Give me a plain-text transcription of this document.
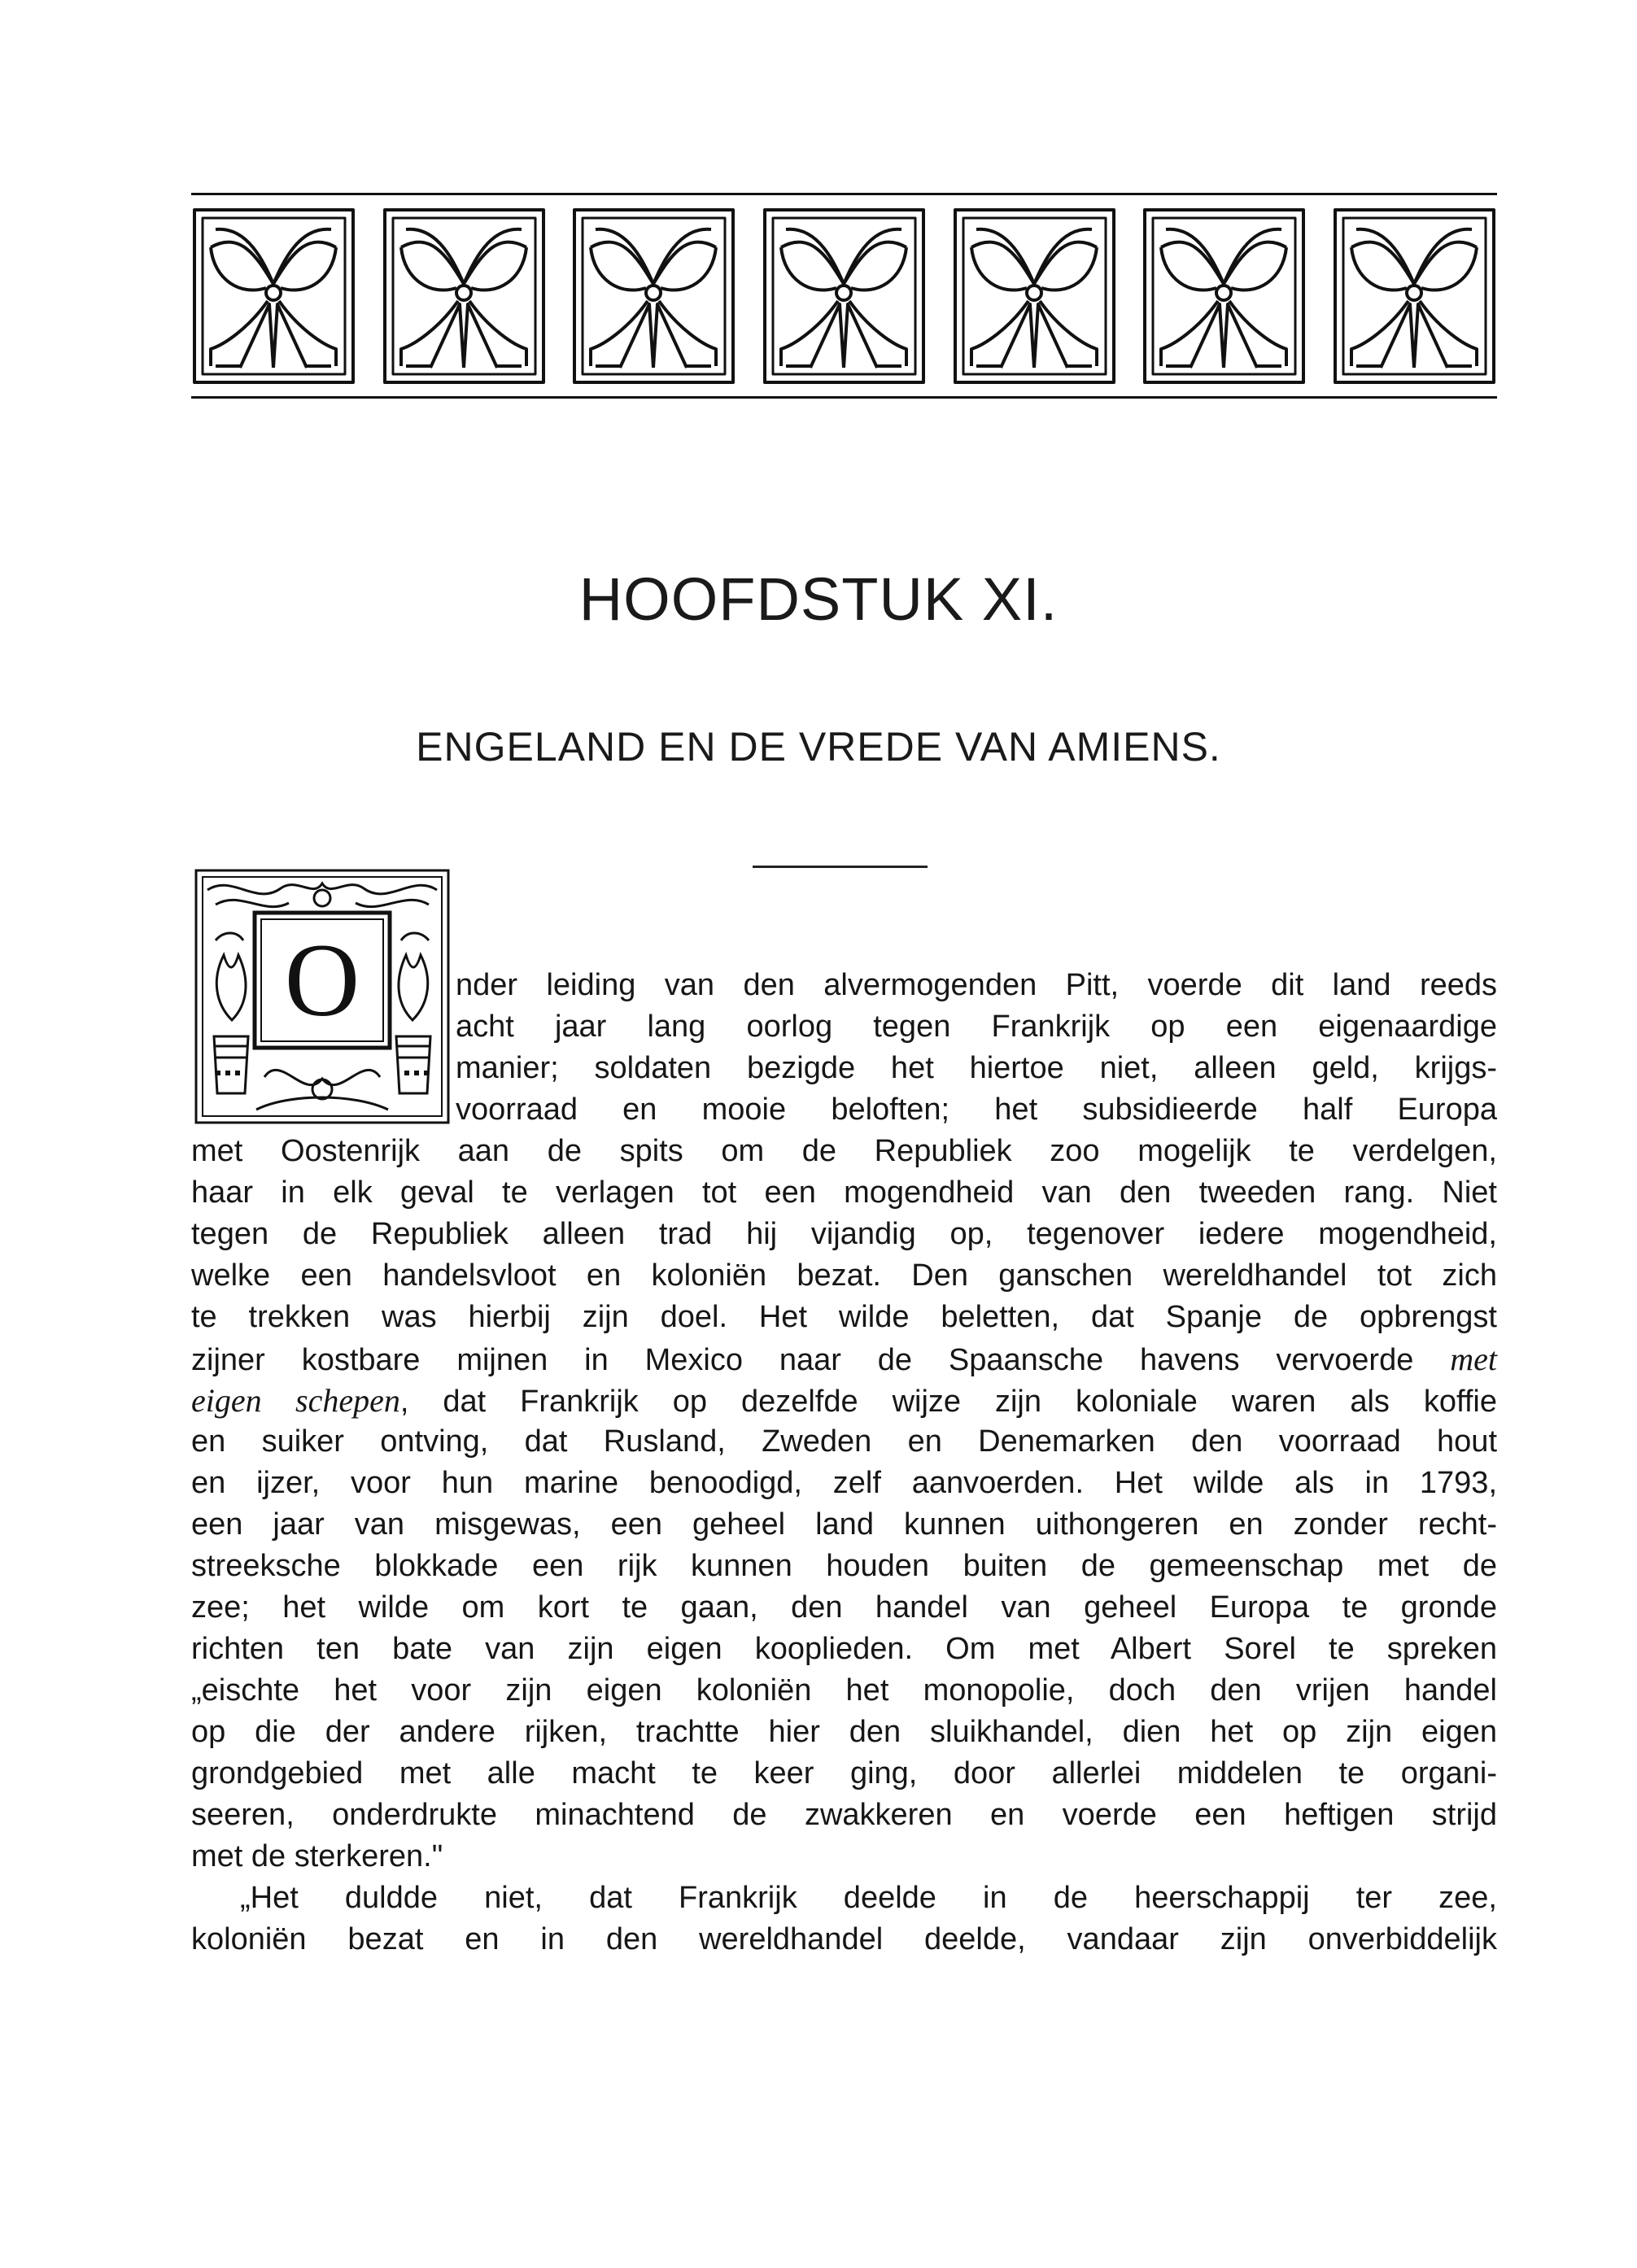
HOOFDSTUK XI.
ENGELAND EN DE VREDE VAN AMIENS.
O	nder leiding van den alvermogenden Pitt, voerde dit land reeds
acht jaar lang oorlog tegen Frankrijk op een eigenaardige
manier; soldaten bezigde het hiertoe niet, alleen geld, krijgs-
voorraad en mooie beloften; het subsidieerde half Europa
met Oostenrijk aan de spits om de Republiek zoo mogelijk te verdelgen,
haar in elk geval te verlagen tot een mogendheid van den tweeden rang. Niet
tegen de Republiek alleen trad hij vijandig op, tegenover iedere mogendheid,
welke een handelsvloot en koloniën bezat. Den ganschen wereldhandel tot zich
te trekken was hierbij zijn doel. Het wilde beletten, dat Spanje de opbrengst
zijner kostbare mijnen in Mexico naar de Spaansche havens vervoerde met
eigen schepen, dat Frankrijk op dezelfde wijze zijn koloniale waren als koffie
en suiker ontving, dat Rusland, Zweden en Denemarken den voorraad hout
en ijzer, voor hun marine benoodigd, zelf aanvoerden. Het wilde als in 1793,
een jaar van misgewas, een geheel land kunnen uithongeren en zonder recht-
streeksche blokkade een rijk kunnen houden buiten de gemeenschap met de
zee; het wilde om kort te gaan, den handel van geheel Europa te gronde
richten ten bate van zijn eigen kooplieden. Om met Albert Sorel te spreken
„eischte het voor zijn eigen koloniën het monopolie, doch den vrijen handel
op die der andere rijken, trachtte hier den sluikhandel, dien het op zijn eigen
grondgebied met alle macht te keer ging, door allerlei middelen te organi-
seeren, onderdrukte minachtend de zwakkeren en voerde een heftigen strijd
met de sterkeren."
„Het duldde niet, dat Frankrijk deelde in de heerschappij ter zee,
koloniën bezat en in den wereldhandel deelde, vandaar zijn onverbiddelijk
